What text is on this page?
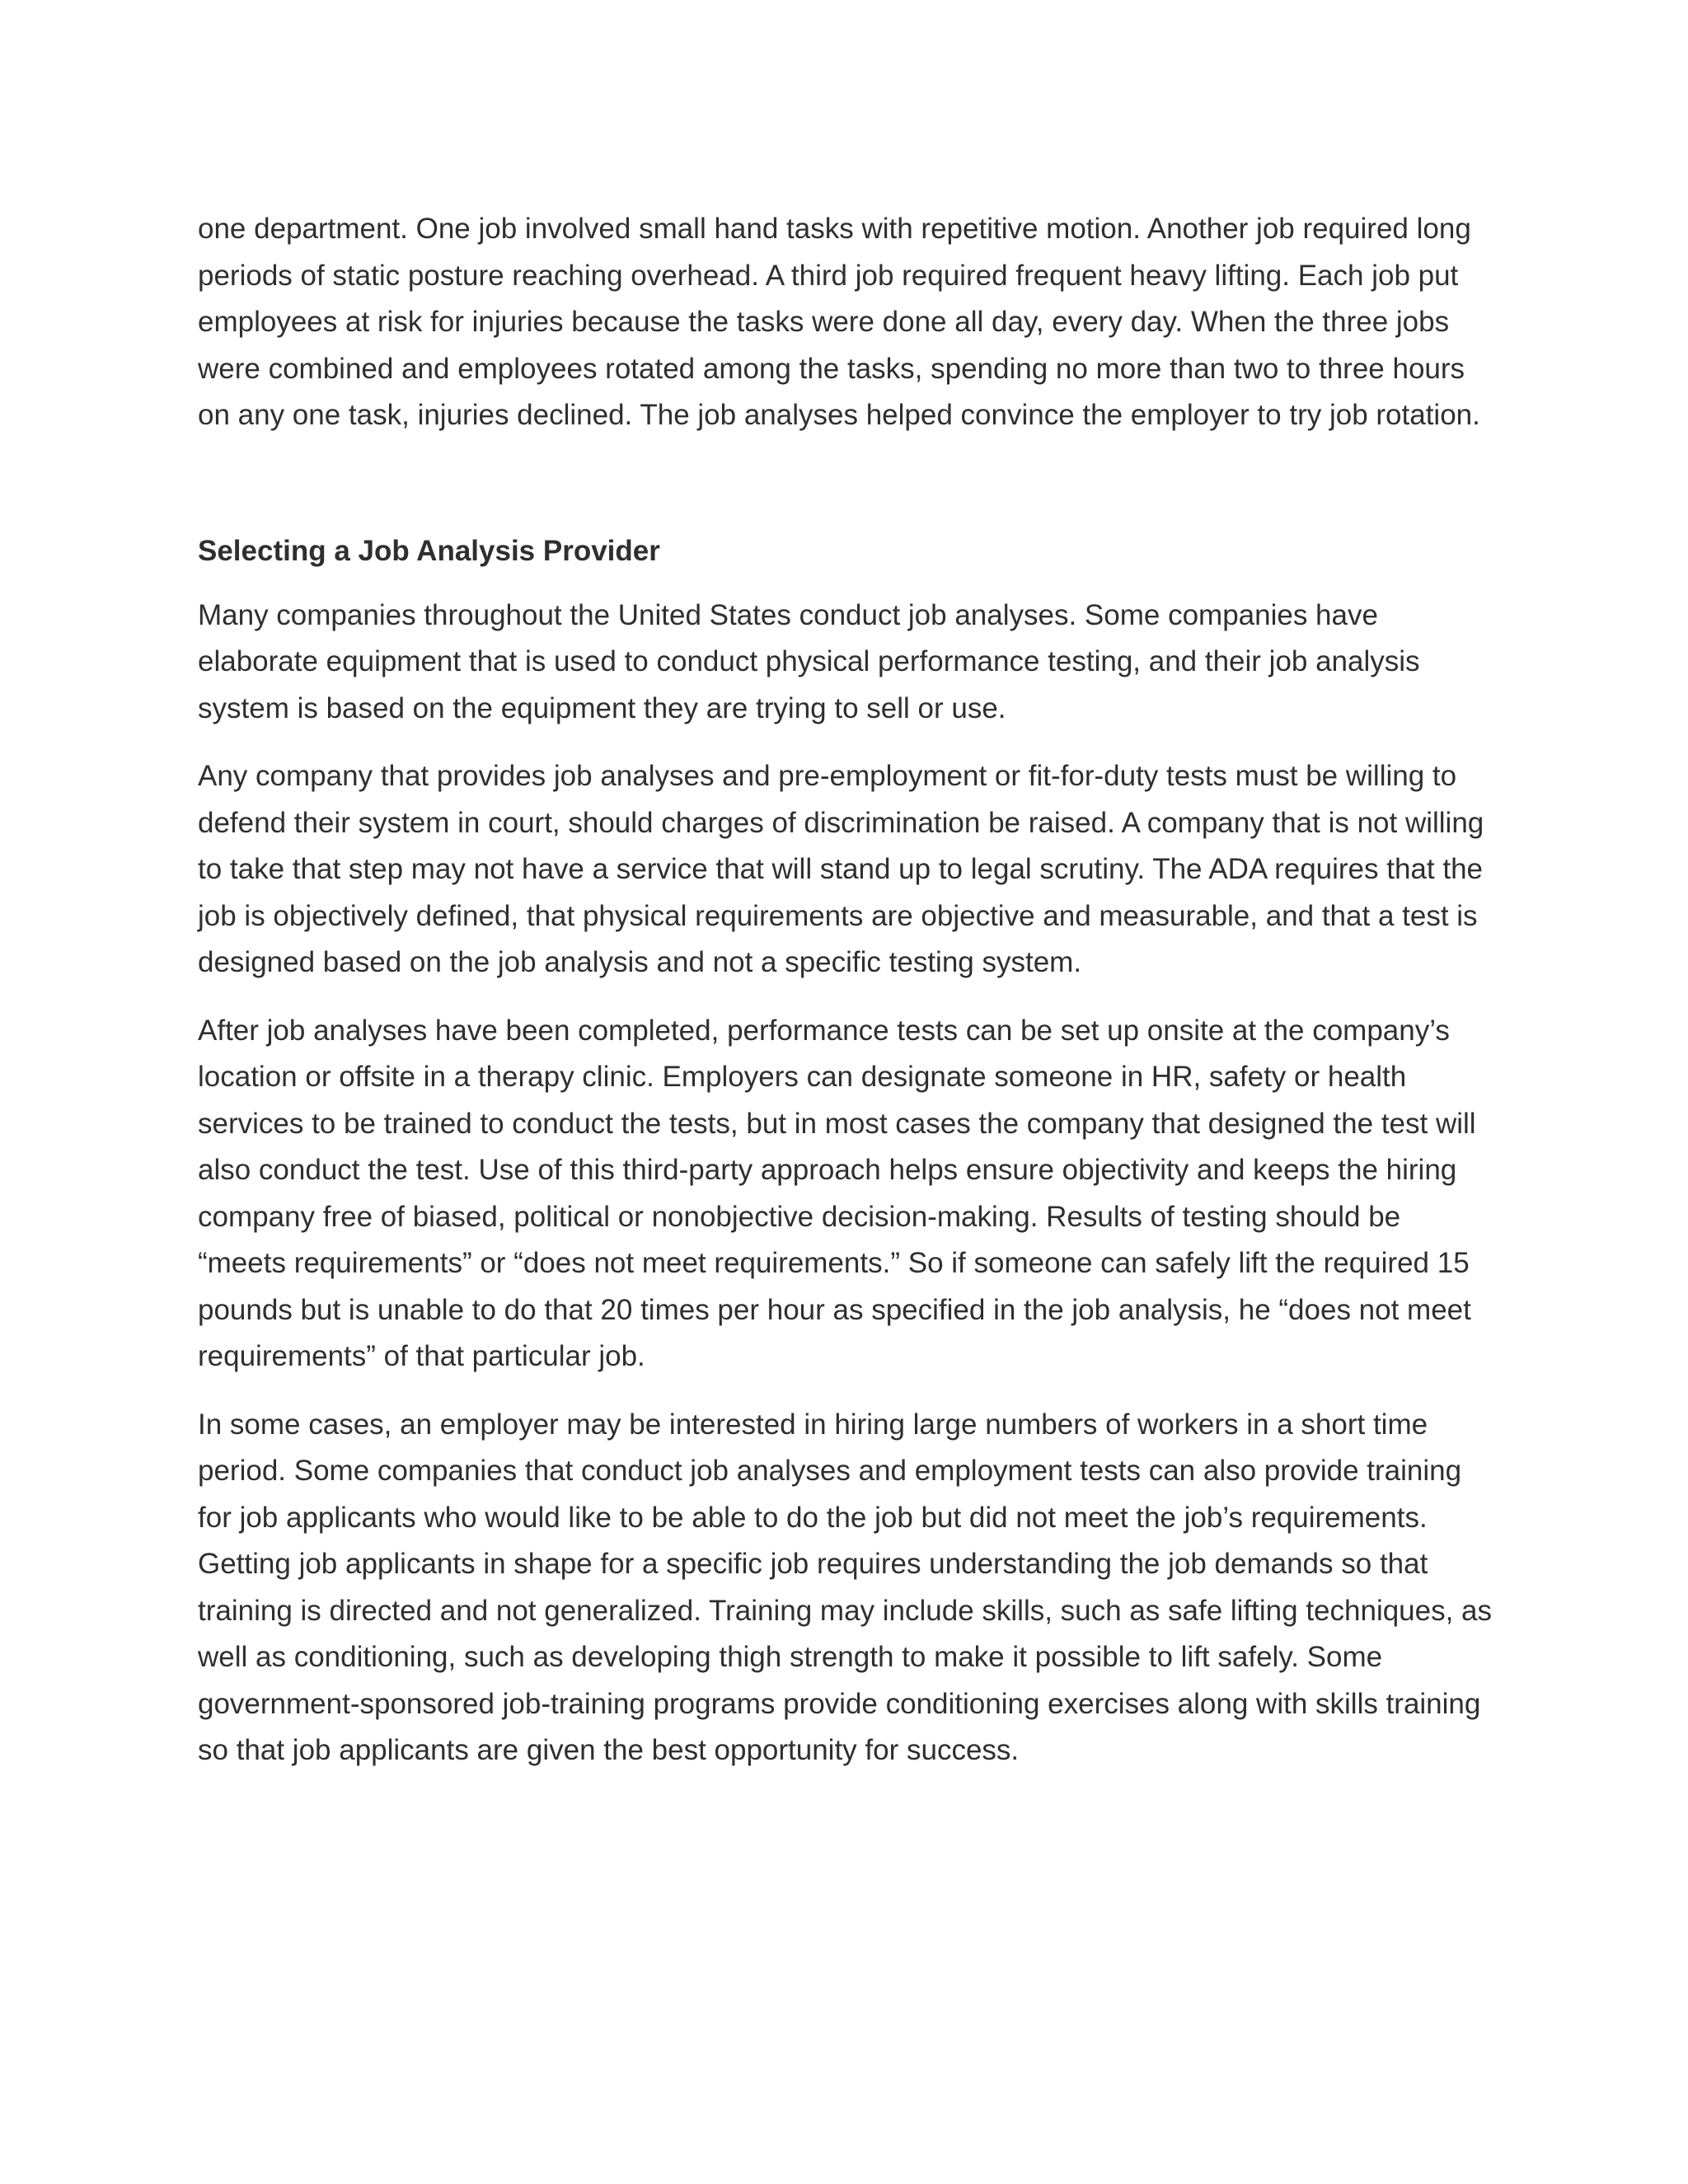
one department. One job involved small hand tasks with repetitive motion. Another job required long periods of static posture reaching overhead. A third job required frequent heavy lifting. Each job put employees at risk for injuries because the tasks were done all day, every day. When the three jobs were combined and employees rotated among the tasks, spending no more than two to three hours on any one task, injuries declined. The job analyses helped convince the employer to try job rotation.

Selecting a Job Analysis Provider

Many companies throughout the United States conduct job analyses. Some companies have elaborate equipment that is used to conduct physical performance testing, and their job analysis system is based on the equipment they are trying to sell or use.

Any company that provides job analyses and pre-employment or fit-for-duty tests must be willing to defend their system in court, should charges of discrimination be raised. A company that is not willing to take that step may not have a service that will stand up to legal scrutiny. The ADA requires that the job is objectively defined, that physical requirements are objective and measurable, and that a test is designed based on the job analysis and not a specific testing system.

After job analyses have been completed, performance tests can be set up onsite at the company’s location or offsite in a therapy clinic. Employers can designate someone in HR, safety or health services to be trained to conduct the tests, but in most cases the company that designed the test will also conduct the test. Use of this third-party approach helps ensure objectivity and keeps the hiring company free of biased, political or nonobjective decision-making. Results of testing should be “meets requirements” or “does not meet requirements.” So if someone can safely lift the required 15 pounds but is unable to do that 20 times per hour as specified in the job analysis, he “does not meet requirements” of that particular job.

In some cases, an employer may be interested in hiring large numbers of workers in a short time period. Some companies that conduct job analyses and employment tests can also provide training for job applicants who would like to be able to do the job but did not meet the job’s requirements. Getting job applicants in shape for a specific job requires understanding the job demands so that training is directed and not generalized. Training may include skills, such as safe lifting techniques, as well as conditioning, such as developing thigh strength to make it possible to lift safely. Some government-sponsored job-training programs provide conditioning exercises along with skills training so that job applicants are given the best opportunity for success.
